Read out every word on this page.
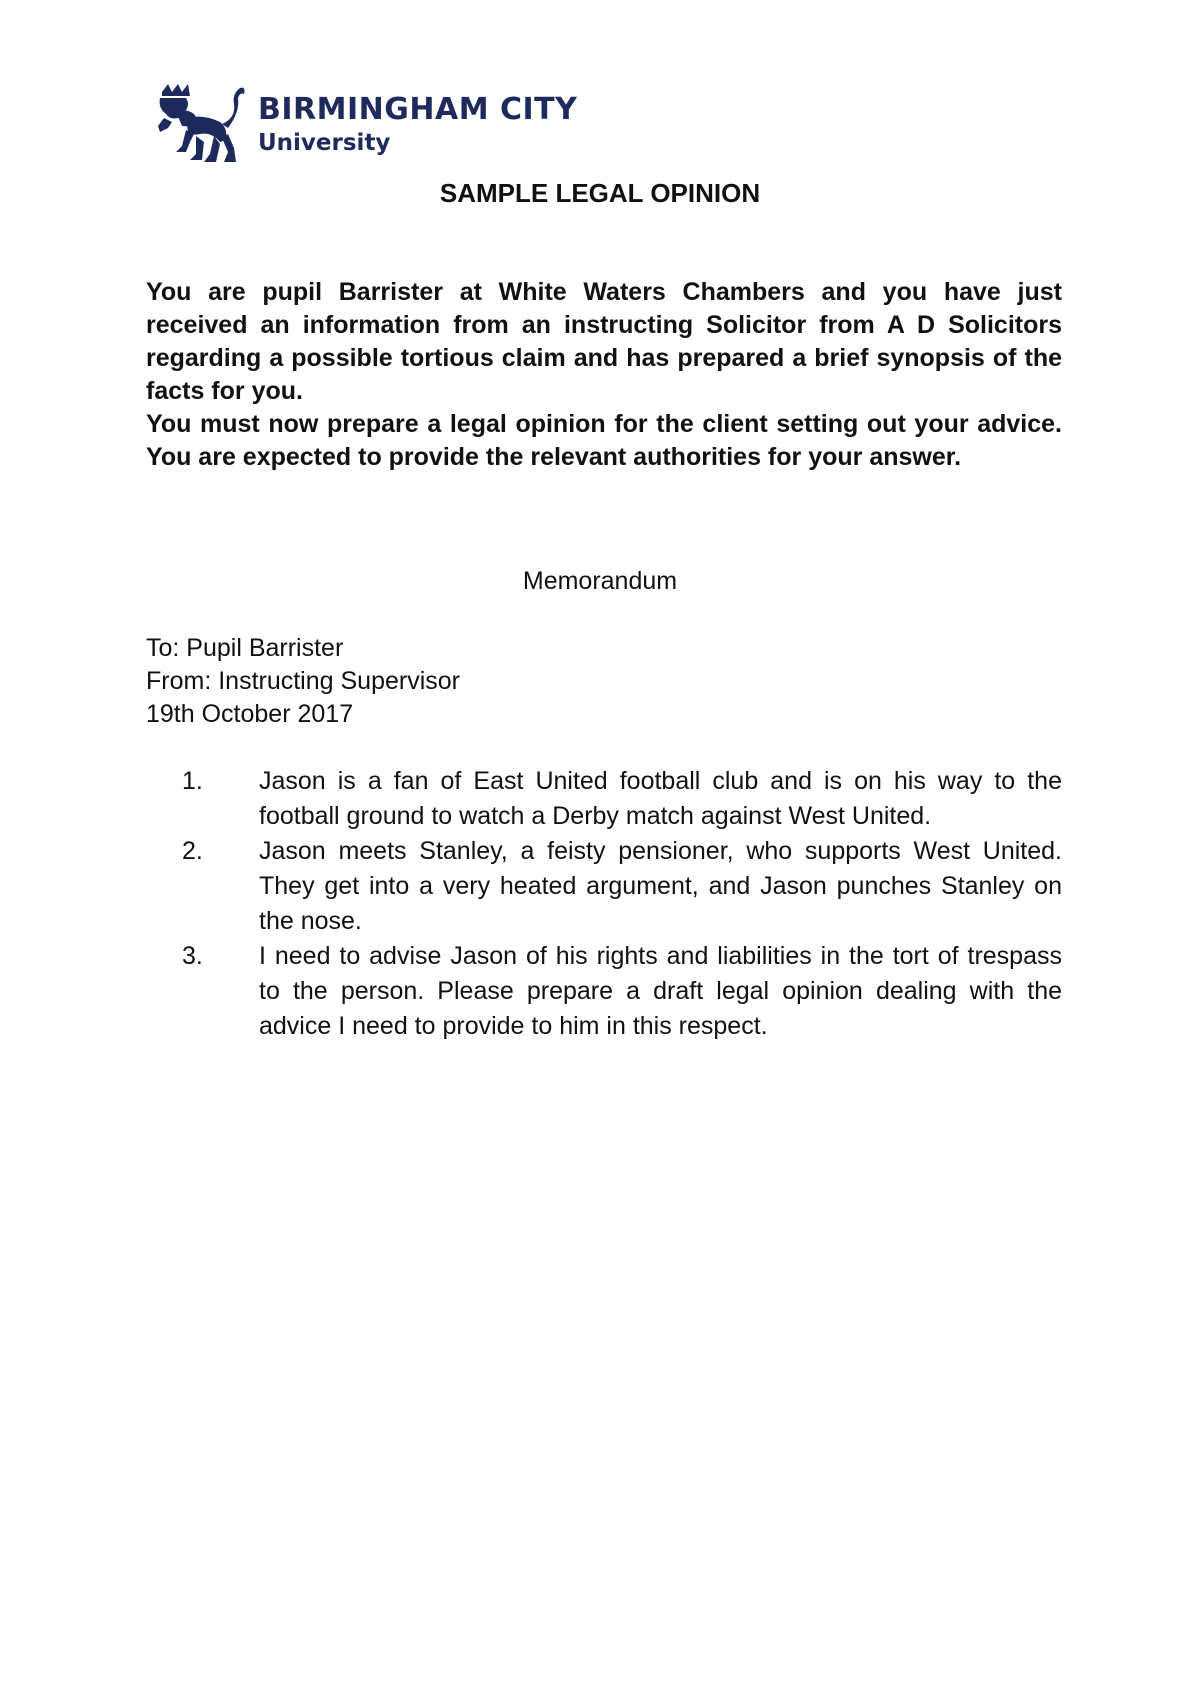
BIRMINGHAM CITY
University
SAMPLE LEGAL OPINION

You are pupil Barrister at White Waters Chambers and you have just received an information from an instructing Solicitor from A D Solicitors regarding a possible tortious claim and has prepared a brief synopsis of the facts for you.

You must now prepare a legal opinion for the client setting out your advice. You are expected to provide the relevant authorities for your answer.

Memorandum
To: Pupil Barrister
From: Instructing Supervisor
19th October 2017
1. Jason is a fan of East United football club and is on his way to the football ground to watch a Derby match against West United.
2. Jason meets Stanley, a feisty pensioner, who supports West United. They get into a very heated argument, and Jason punches Stanley on the nose.
3. I need to advise Jason of his rights and liabilities in the tort of trespass to the person. Please prepare a draft legal opinion dealing with the advice I need to provide to him in this respect.
